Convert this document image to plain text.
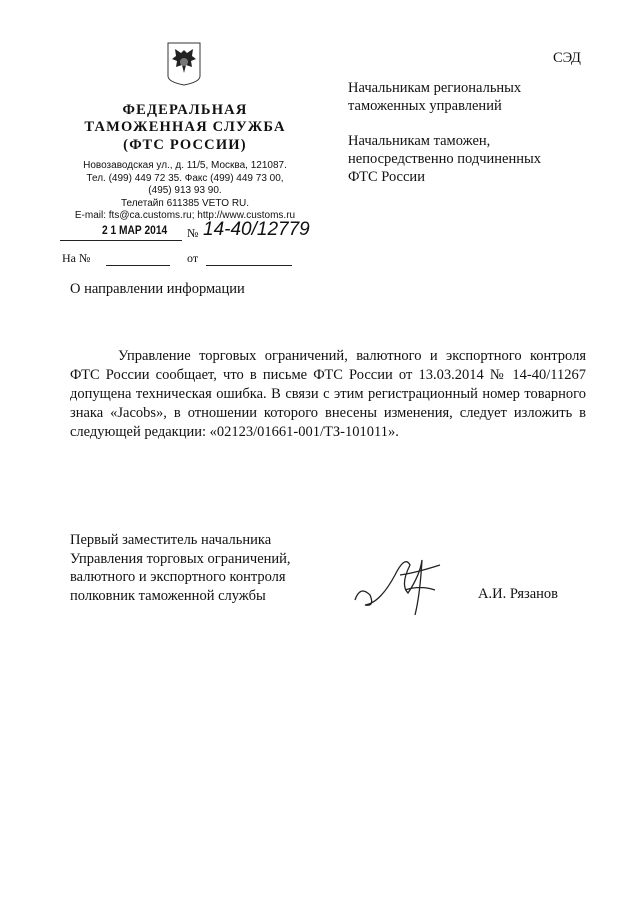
СЭД
ФЕДЕРАЛЬНАЯ
ТАМОЖЕННАЯ СЛУЖБА
(ФТС РОССИИ)
Новозаводская ул., д. 11/5, Москва, 121087.
Тел. (499) 449 72 35. Факс (499) 449 73 00,
(495) 913 93 90.
Телетайп 611385 VETO RU.
E-mail: fts@ca.customs.ru; http://www.customs.ru
2 1 МАР 2014 № 14-40/12779
На №	от
Начальникам региональных
таможенных управлений
Начальникам таможен,
непосредственно подчиненных
ФТС России
О направлении информации

Управление торговых ограничений, валютного и экспортного контроля ФТС России сообщает, что в письме ФТС России от 13.03.2014 № 14-40/11267 допущена техническая ошибка. В связи с этим регистрационный номер товарного знака «Jacobs», в отношении которого внесены изменения, следует изложить в следующей редакции: «02123/01661-001/ТЗ-101011».

Первый заместитель начальника
Управления торговых ограничений,
валютного и экспортного контроля
полковник таможенной службы	А.И. Рязанов
